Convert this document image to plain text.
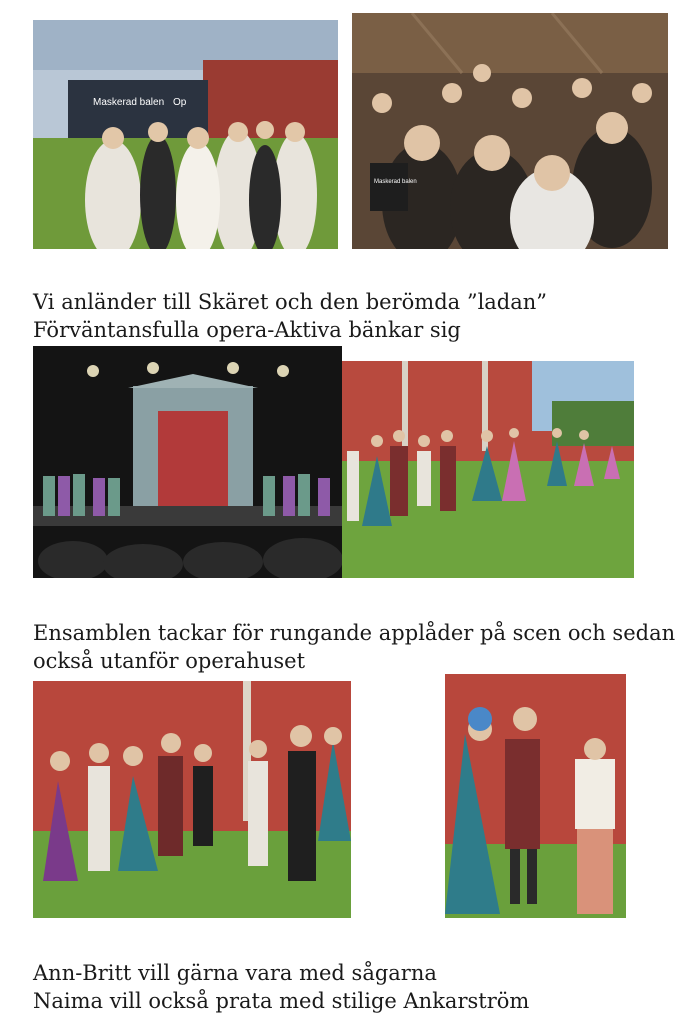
Maskerad balen Op
Maskerad balen
Vi anländer till Skäret och den berömda ”ladan”
Förväntansfulla opera-Aktiva bänkar sig
Ensamblen tackar för rungande applåder på scen och sedan
också utanför operahuset
Ann-Britt vill gärna vara med sågarna
Naima vill också prata med stilige Ankarström
